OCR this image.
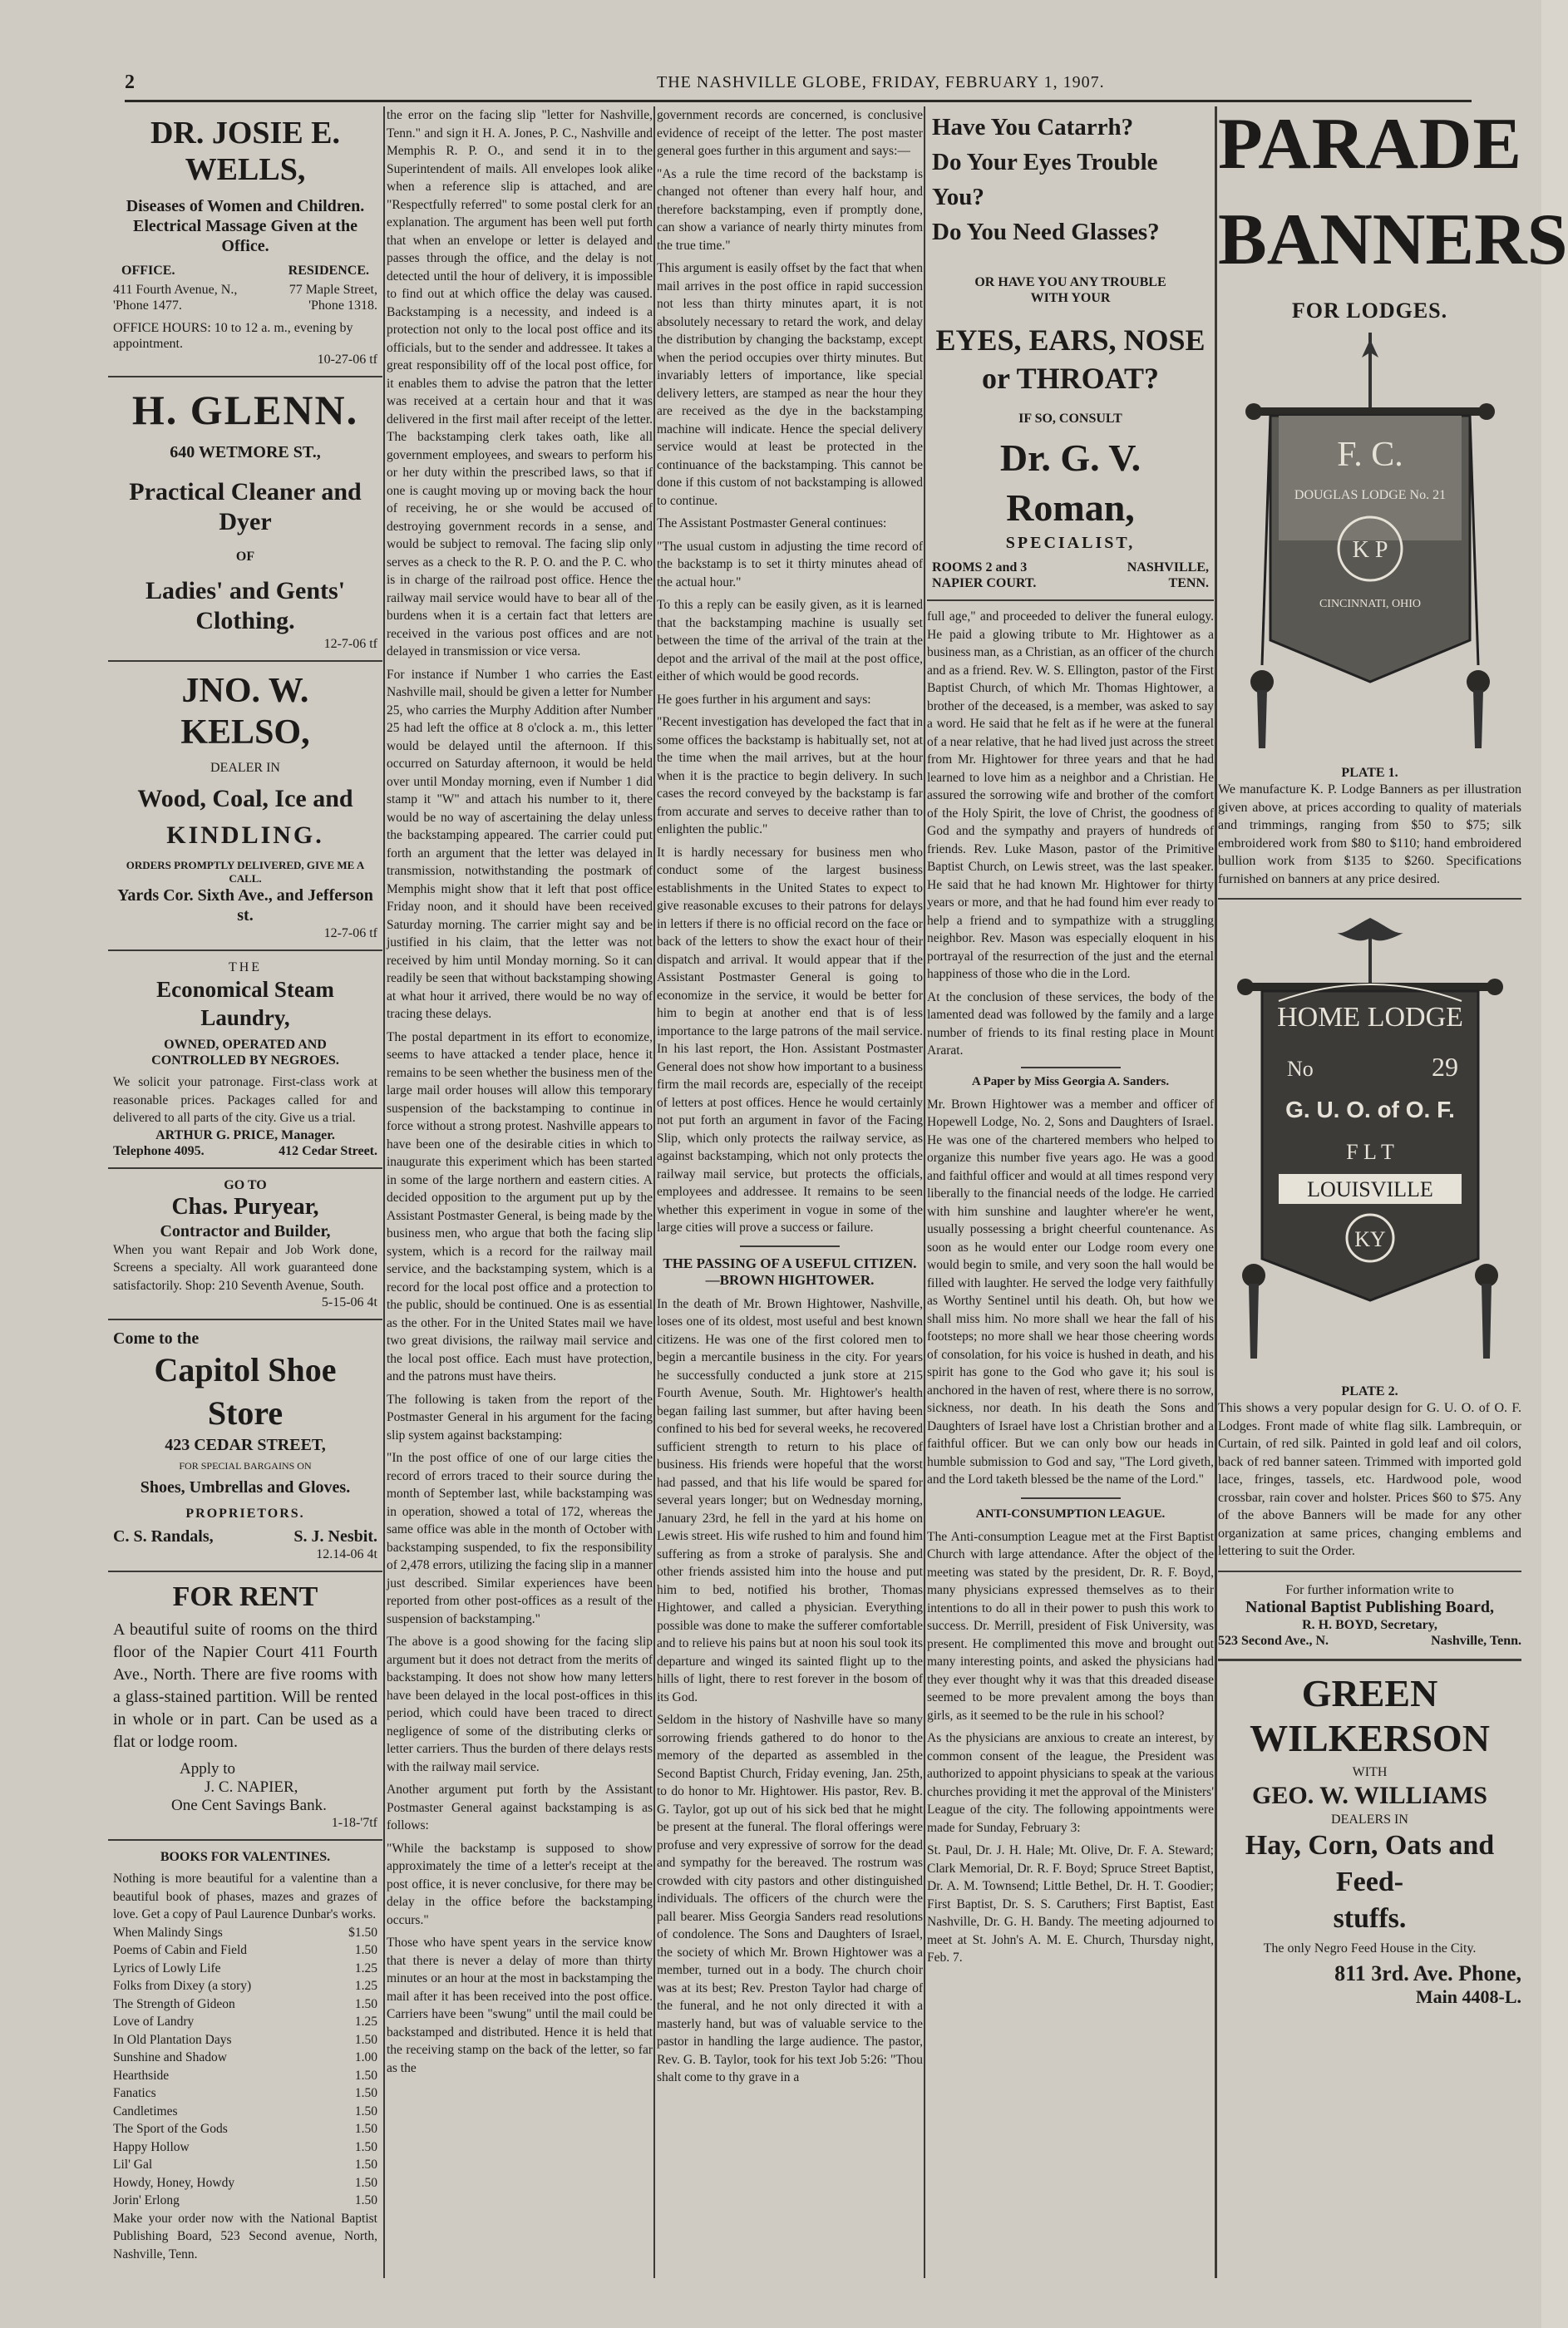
2	THE NASHVILLE GLOBE, FRIDAY, FEBRUARY 1, 1907.
DR. JOSIE E. WELLS,
Diseases of Women and Children.
Electrical Massage Given at the
Office.
OFFICE.	RESIDENCE.
411 Fourth Avenue, N., 'Phone 1477.
77 Maple Street, 'Phone 1318.
OFFICE HOURS: 10 to 12 a. m., evening by appointment.
10-27-06 tf
H. GLENN.
640 WETMORE ST.,
Practical Cleaner and Dyer
OF
Ladies' and Gents' Clothing.
12-7-06 tf
JNO. W. KELSO,
DEALER IN
Wood, Coal, Ice and
KINDLING.
ORDERS PROMPTLY DELIVERED, GIVE ME A CALL.
Yards Cor. Sixth Ave., and Jefferson st.
12-7-06 tf
THE
Economical Steam Laundry,
OWNED, OPERATED AND CONTROLLED BY NEGROES.
We solicit your patronage. First-class work at reasonable prices. Packages called for and delivered to all parts of the city. Give us a trial.
ARTHUR G. PRICE, Manager.
Telephone 4095.	412 Cedar Street.
GO TO
Chas. Puryear,
Contractor and Builder,
When you want Repair and Job Work done, Screens a specialty. All work guaranteed done satisfactorily. Shop: 210 Seventh Avenue, South.
5-15-06 4t
Come to the
Capitol Shoe Store
423 CEDAR STREET,
FOR SPECIAL BARGAINS ON
Shoes, Umbrellas and Gloves.
PROPRIETORS.
C. S. Randals,	S. J. Nesbit.
12.14-06 4t
FOR RENT
A beautiful suite of rooms on the third floor of the Napier Court 411 Fourth Ave., North. There are five rooms with a glass-stained partition. Will be rented in whole or in part. Can be used as a flat or lodge room.
Apply to
J. C. NAPIER,
One Cent Savings Bank.
1-18-'7tf
BOOKS FOR VALENTINES.
Nothing is more beautiful for a valentine than a beautiful book of phases, mazes and grazes of love. Get a copy of Paul Laurence Dunbar's works.
When Malindy Sings	$1.50
Poems of Cabin and Field	1.50
Lyrics of Lowly Life	1.25
Folks from Dixey (a story)	1.25
The Strength of Gideon	1.50
Love of Landry	1.25
In Old Plantation Days	1.50
Sunshine and Shadow	1.00
Hearthside	1.50
Fanatics	1.50
Candletimes	1.50
The Sport of the Gods	1.50
Happy Hollow	1.50
Lil' Gal	1.50
Howdy, Honey, Howdy	1.50
Jorin' Erlong	1.50
Make your order now with the National Baptist Publishing Board, 523 Second avenue, North, Nashville, Tenn.

the error on the facing slip "letter for Nashville, Tenn." and sign it H. A. Jones, P. C., Nashville and Memphis R. P. O., and send it in to the Superintendent of mails. All envelopes look alike when a reference slip is attached, and are "Respectfully referred" to some postal clerk for an explanation. The argument has been well put forth that when an envelope or letter is delayed and passes through the office, and the delay is not detected until the hour of delivery, it is impossible to find out at which office the delay was caused. Backstamping is a necessity, and indeed is a protection not only to the local post office and its officials, but to the sender and addressee. It takes a great responsibility off of the local post office, for it enables them to advise the patron that the letter was received at a certain hour and that it was delivered in the first mail after receipt of the letter. The backstamping clerk takes oath, like all government employees, and swears to perform his or her duty within the prescribed laws, so that if one is caught moving up or moving back the hour of receiving, he or she would be accused of destroying government records in a sense, and would be subject to removal. The facing slip only serves as a check to the R. P. O. and the P. C. who is in charge of the railroad post office. Hence the railway mail service would have to bear all of the burdens when it is a certain fact that letters are received in the various post offices and are not delayed in transmission or vice versa.

For instance if Number 1 who carries the East Nashville mail, should be given a letter for Number 25, who carries the Murphy Addition after Number 25 had left the office at 8 o'clock a. m., this letter would be delayed until the afternoon. If this occurred on Saturday afternoon, it would be held over until Monday morning, even if Number 1 did stamp it "W" and attach his number to it, there would be no way of ascertaining the delay unless the backstamping appeared. The carrier could put forth an argument that the letter was delayed in transmission, notwithstanding the postmark of Memphis might show that it left that post office Friday noon, and it should have been received Saturday morning. The carrier might say and be justified in his claim, that the letter was not received by him until Monday morning. So it can readily be seen that without backstamping showing at what hour it arrived, there would be no way of tracing these delays.

The postal department in its effort to economize, seems to have attacked a tender place, hence it remains to be seen whether the business men of the large mail order houses will allow this temporary suspension of the backstamping to continue in force without a strong protest. Nashville appears to have been one of the desirable cities in which to inaugurate this experiment which has been started in some of the large northern and eastern cities. A decided opposition to the argument put up by the Assistant Postmaster General, is being made by the business men, who argue that both the facing slip system, which is a record for the railway mail service, and the backstamping system, which is a record for the local post office and a protection to the public, should be continued. One is as essential as the other. For in the United States mail we have two great divisions, the railway mail service and the local post office. Each must have protection, and the patrons must have theirs.

The following is taken from the report of the Postmaster General in his argument for the facing slip system against backstamping:

"In the post office of one of our large cities the record of errors traced to their source during the month of September last, while backstamping was in operation, showed a total of 172, whereas the same office was able in the month of October with backstamping suspended, to fix the responsibility of 2,478 errors, utilizing the facing slip in a manner just described. Similar experiences have been reported from other post-offices as a result of the suspension of backstamping."

The above is a good showing for the facing slip argument but it does not detract from the merits of backstamping. It does not show how many letters have been delayed in the local post-offices in this period, which could have been traced to direct negligence of some of the distributing clerks or letter carriers. Thus the burden of there delays rests with the railway mail service.

Another argument put forth by the Assistant Postmaster General against backstamping is as follows:

"While the backstamp is supposed to show approximately the time of a letter's receipt at the post office, it is never conclusive, for there may be delay in the office before the backstamping occurs."

Those who have spent years in the service know that there is never a delay of more than thirty minutes or an hour at the most in backstamping the mail after it has been received into the post office. Carriers have been "swung" until the mail could be backstamped and distributed. Hence it is held that the receiving stamp on the back of the letter, so far as the

government records are concerned, is conclusive evidence of receipt of the letter. The post master general goes further in this argument and says:—

"As a rule the time record of the backstamp is changed not oftener than every half hour, and therefore backstamping, even if promptly done, can show a variance of nearly thirty minutes from the true time."

This argument is easily offset by the fact that when mail arrives in the post office in rapid succession not less than thirty minutes apart, it is not absolutely necessary to retard the work, and delay the distribution by changing the backstamp, except when the period occupies over thirty minutes. But invariably letters of importance, like special delivery letters, are stamped as near the hour they are received as the dye in the backstamping machine will indicate. Hence the special delivery service would at least be protected in the continuance of the backstamping. This cannot be done if this custom of not backstamping is allowed to continue.

The Assistant Postmaster General continues:

"The usual custom in adjusting the time record of the backstamp is to set it thirty minutes ahead of the actual hour."

To this a reply can be easily given, as it is learned that the backstamping machine is usually set between the time of the arrival of the train at the depot and the arrival of the mail at the post office, either of which would be good records.

He goes further in his argument and says:

"Recent investigation has developed the fact that in some offices the backstamp is habitually set, not at the time when the mail arrives, but at the hour when it is the practice to begin delivery. In such cases the record conveyed by the backstamp is far from accurate and serves to deceive rather than to enlighten the public."

It is hardly necessary for business men who conduct some of the largest business establishments in the United States to expect to give reasonable excuses to their patrons for delays in letters if there is no official record on the face or back of the letters to show the exact hour of their dispatch and arrival. It would appear that if the Assistant Postmaster General is going to economize in the service, it would be better for him to begin at another end that is of less importance to the large patrons of the mail service. In his last report, the Hon. Assistant Postmaster General does not show how important to a business firm the mail records are, especially of the receipt of letters at post offices. Hence he would certainly not put forth an argument in favor of the Facing Slip, which only protects the railway service, as against backstamping, which not only protects the railway mail service, but protects the officials, employees and addressee. It remains to be seen whether this experiment in vogue in some of the large cities will prove a success or failure.

THE PASSING OF A USEFUL CITIZEN.—BROWN HIGHTOWER.

In the death of Mr. Brown Hightower, Nashville, loses one of its oldest, most useful and best known citizens. He was one of the first colored men to begin a mercantile business in the city. For years he successfully conducted a junk store at 215 Fourth Avenue, South. Mr. Hightower's health began failing last summer, but after having been confined to his bed for several weeks, he recovered sufficient strength to return to his place of business. His friends were hopeful that the worst had passed, and that his life would be spared for several years longer; but on Wednesday morning, January 23rd, he fell in the yard at his home on Lewis street. His wife rushed to him and found him suffering as from a stroke of paralysis. She and other friends assisted him into the house and put him to bed, notified his brother, Thomas Hightower, and called a physician. Everything possible was done to make the sufferer comfortable and to relieve his pains but at noon his soul took its departure and winged its sainted flight up to the hills of light, there to rest forever in the bosom of its God.

Seldom in the history of Nashville have so many sorrowing friends gathered to do honor to the memory of the departed as assembled in the Second Baptist Church, Friday evening, Jan. 25th, to do honor to Mr. Hightower. His pastor, Rev. B. G. Taylor, got up out of his sick bed that he might be present at the funeral. The floral offerings were profuse and very expressive of sorrow for the dead and sympathy for the bereaved. The rostrum was crowded with city pastors and other distinguished individuals. The officers of the church were the pall bearer. Miss Georgia Sanders read resolutions of condolence. The Sons and Daughters of Israel, the society of which Mr. Brown Hightower was a member, turned out in a body. The church choir was at its best; Rev. Preston Taylor had charge of the funeral, and he not only directed it with a masterly hand, but was of valuable service to the pastor in handling the large audience. The pastor, Rev. G. B. Taylor, took for his text Job 5:26: "Thou shalt come to thy grave in a

Have You Catarrh?
Do Your Eyes Trouble You?
Do You Need Glasses?
OR HAVE YOU ANY TROUBLE WITH YOUR
EYES, EARS, NOSE
or THROAT?
IF SO, CONSULT
Dr. G. V. Roman,
SPECIALIST,
ROOMS 2 and 3	NASHVILLE,
NAPIER COURT.	TENN.

full age," and proceeded to deliver the funeral eulogy. He paid a glowing tribute to Mr. Hightower as a business man, as a Christian, as an officer of the church and as a friend. Rev. W. S. Ellington, pastor of the First Baptist Church, of which Mr. Thomas Hightower, a brother of the deceased, is a member, was asked to say a word. He said that he felt as if he were at the funeral of a near relative, that he had lived just across the street from Mr. Hightower for three years and that he had learned to love him as a neighbor and a Christian. He assured the sorrowing wife and brother of the comfort of the Holy Spirit, the love of Christ, the goodness of God and the sympathy and prayers of hundreds of friends. Rev. Luke Mason, pastor of the Primitive Baptist Church, on Lewis street, was the last speaker. He said that he had known Mr. Hightower for thirty years or more, and that he had found him ever ready to help a friend and to sympathize with a struggling neighbor. Rev. Mason was especially eloquent in his portrayal of the resurrection of the just and the eternal happiness of those who die in the Lord.

At the conclusion of these services, the body of the lamented dead was followed by the family and a large number of friends to its final resting place in Mount Ararat.

A Paper by Miss Georgia A. Sanders.
Mr. Brown Hightower was a member and officer of Hopewell Lodge, No. 2, Sons and Daughters of Israel. He was one of the chartered members who helped to organize this number five years ago. He was a good and faithful officer and would at all times respond very liberally to the financial needs of the lodge. He carried with him sunshine and laughter where'er he went, usually possessing a bright cheerful countenance. As soon as he would enter our Lodge room every one would begin to smile, and very soon the hall would be filled with laughter. He served the lodge very faithfully as Worthy Sentinel until his death. Oh, but how we shall miss him. No more shall we hear the fall of his footsteps; no more shall we hear those cheering words of consolation, for his voice is hushed in death, and his spirit has gone to the God who gave it; his soul is anchored in the haven of rest, where there is no sorrow, sickness, nor death. In his death the Sons and Daughters of Israel have lost a Christian brother and a faithful officer. But we can only bow our heads in humble submission to God and say, "The Lord giveth, and the Lord taketh blessed be the name of the Lord."
ANTI-CONSUMPTION LEAGUE.

The Anti-consumption League met at the First Baptist Church with large attendance. After the object of the meeting was stated by the president, Dr. R. F. Boyd, many physicians expressed themselves as to their intentions to do all in their power to push this work to success. Dr. Merrill, president of Fisk University, was present. He complimented this move and brought out many interesting points, and asked the physicians had they ever thought why it was that this dreaded disease seemed to be more prevalent among the boys than girls, as it seemed to be the rule in his school?

As the physicians are anxious to create an interest, by common consent of the league, the President was authorized to appoint physicians to speak at the various churches providing it met the approval of the Ministers' League of the city. The following appointments were made for Sunday, February 3:

St. Paul, Dr. J. H. Hale; Mt. Olive, Dr. F. A. Steward; Clark Memorial, Dr. R. F. Boyd; Spruce Street Baptist, Dr. A. M. Townsend; Little Bethel, Dr. H. T. Goodier; First Baptist, Dr. S. S. Caruthers; First Baptist, East Nashville, Dr. G. H. Bandy. The meeting adjourned to meet at St. John's A. M. E. Church, Thursday night, Feb. 7.

PARADE
BANNERS
FOR LODGES.
F. C.
DOUGLAS LODGE No. 21
K P
CINCINNATI, OHIO
PLATE 1.
We manufacture K. P. Lodge Banners as per illustration given above, at prices according to quality of materials and trimmings, ranging from $50 to $75; silk embroidered work from $80 to $110; hand embroidered bullion work from $135 to $260. Specifications furnished on banners at any price desired.
HOME LODGE
No	29
G. U. O. of O. F.
F L T
LOUISVILLE
KY
PLATE 2.
This shows a very popular design for G. U. O. of O. F. Lodges. Front made of white flag silk. Lambrequin, or Curtain, of red silk. Painted in gold leaf and oil colors, back of red banner sateen. Trimmed with imported gold lace, fringes, tassels, etc. Hardwood pole, wood crossbar, rain cover and holster. Prices $60 to $75. Any of the above Banners will be made for any other organization at same prices, changing emblems and lettering to suit the Order.
For further information write to
National Baptist Publishing Board,
R. H. BOYD, Secretary,
523 Second Ave., N.	Nashville, Tenn.
GREEN WILKERSON
WITH
GEO. W. WILLIAMS
DEALERS IN
Hay, Corn, Oats and Feed-
stuffs.
The only Negro Feed House in the City.
811 3rd. Ave. Phone,
Main 4408-L.
